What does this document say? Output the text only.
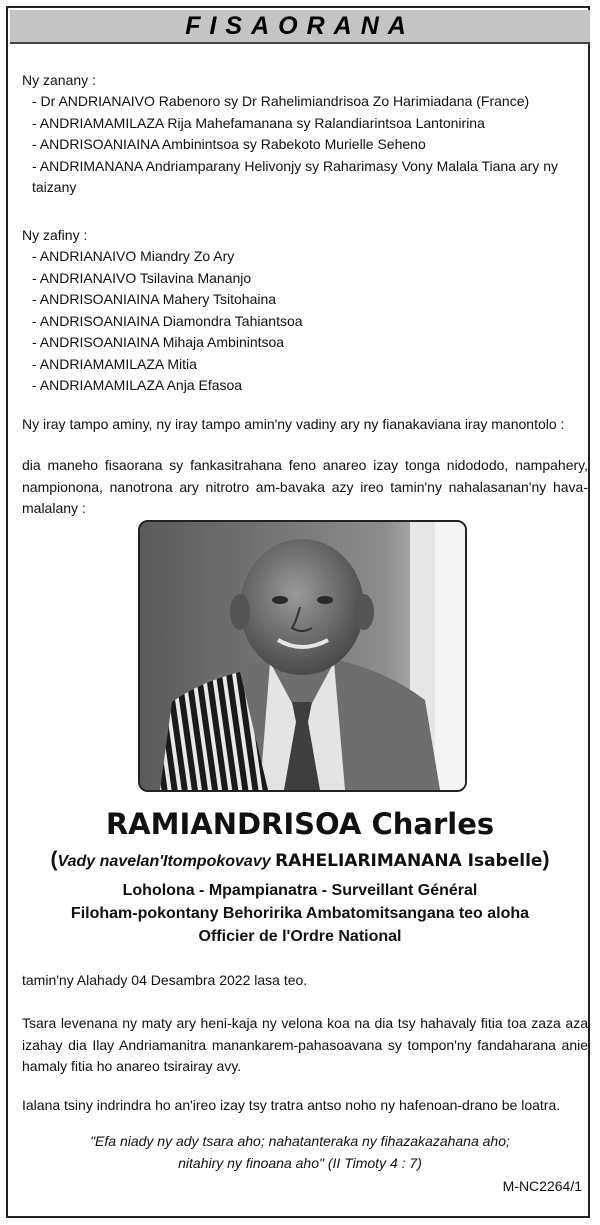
FISAORANA
Ny zanany :
- Dr ANDRIANAIVO Rabenoro sy Dr Rahelimiandrisoa Zo Harimiadana (France)
- ANDRIAMAMILAZA Rija Mahefamanana sy Ralandiarintsoa Lantonirina
- ANDRISOANIAINA Ambinintsoa sy Rabekoto Murielle Seheno
- ANDRIMANANA Andriamparany Helivonjy sy Raharimasy Vony Malala Tiana ary ny taizany
Ny zafiny :
- ANDRIANAIVO Miandry Zo Ary
- ANDRIANAIVO Tsilavina Mananjo
- ANDRISOANIAINA Mahery Tsitohaina
- ANDRISOANIAINA Diamondra Tahiantsoa
- ANDRISOANIAINA Mihaja Ambinintsoa
- ANDRIAMAMILAZA Mitia
- ANDRIAMAMILAZA Anja Efasoa
Ny iray tampo aminy, ny iray tampo amin'ny vadiny ary ny fianakaviana iray manontolo :
dia maneho fisaorana sy fankasitrahana feno anareo izay tonga nidododo, nampahery, nampionona, nanotrona ary nitrotro am-bavaka azy ireo tamin'ny nahalasanan'ny hava-malalany :
RAMIANDRISOA Charles
(Vady navelan'Itompokovavy RAHELIARIMANANA Isabelle)
Loholona - Mpampianatra - Surveillant Général
Filoham-pokontany Behoririka Ambatomitsangana teo aloha
Officier de l'Ordre National
tamin'ny Alahady 04 Desambra 2022 lasa teo.
Tsara levenana ny maty ary heni-kaja ny velona koa na dia tsy hahavaly fitia toa zaza aza izahay dia Ilay Andriamanitra manankarem-pahasoavana sy tompon'ny fandaharana anie hamaly fitia ho anareo tsirairay avy.
Ialana tsiny indrindra ho an'ireo izay tsy tratra antso noho ny hafenoan-drano be loatra.
"Efa niady ny ady tsara aho; nahatanteraka ny fihazakazahana aho;
nitahiry ny finoana aho" (II Timoty 4 : 7)
M-NC2264/1
